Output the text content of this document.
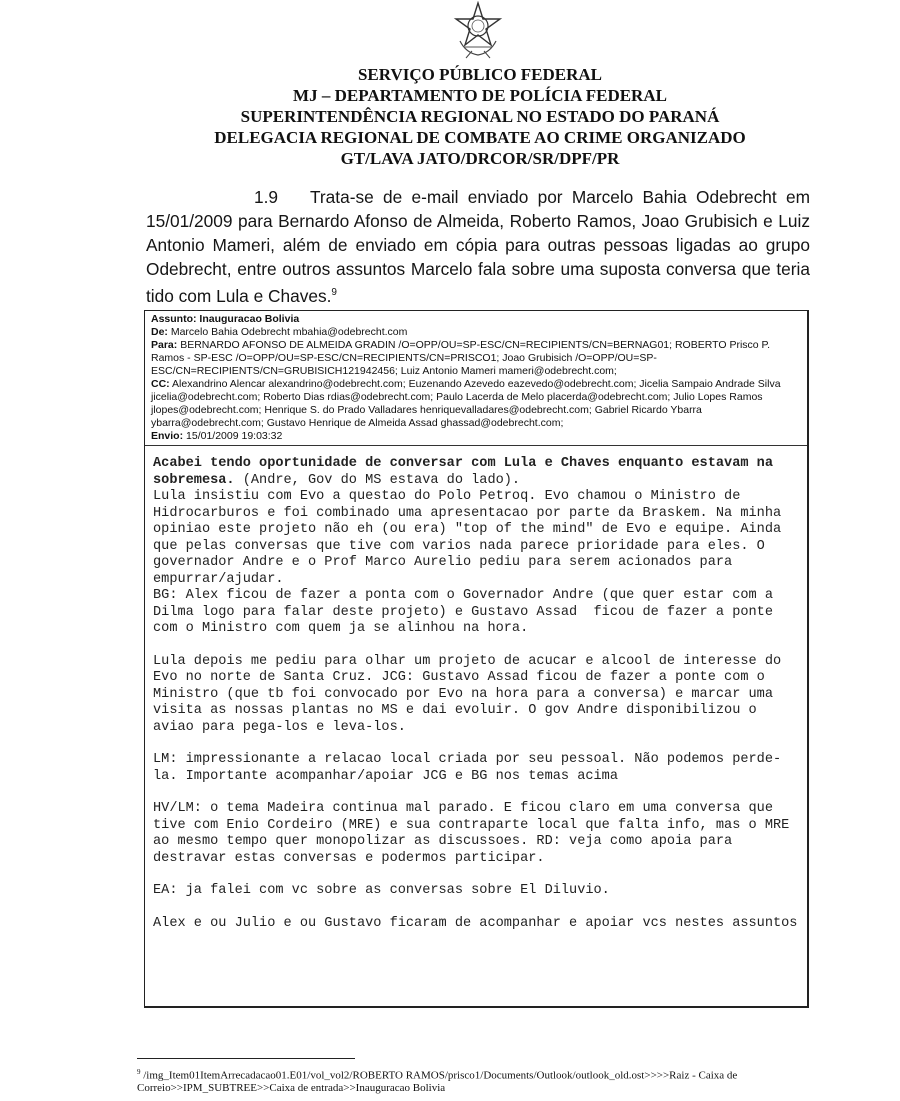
SERVIÇO PÚBLICO FEDERAL
MJ – DEPARTAMENTO DE POLÍCIA FEDERAL
SUPERINTENDÊNCIA REGIONAL NO ESTADO DO PARANÁ
DELEGACIA REGIONAL DE COMBATE AO CRIME ORGANIZADO
GT/LAVA JATO/DRCOR/SR/DPF/PR
1.9 Trata-se de e-mail enviado por Marcelo Bahia Odebrecht em 15/01/2009 para Bernardo Afonso de Almeida, Roberto Ramos, Joao Grubisich e Luiz Antonio Mameri, além de enviado em cópia para outras pessoas ligadas ao grupo Odebrecht, entre outros assuntos Marcelo fala sobre uma suposta conversa que teria tido com Lula e Chaves.$^9$
Assunto: Inauguracao Bolivia
De: Marcelo Bahia Odebrecht mbahia@odebrecht.com
Para: BERNARDO AFONSO DE ALMEIDA GRADIN /O=OPP/OU=SP-ESC/CN=RECIPIENTS/CN=BERNAG01; ROBERTO Prisco P. Ramos - SP-ESC /O=OPP/OU=SP-ESC/CN=RECIPIENTS/CN=PRISCO1; Joao Grubisich /O=OPP/OU=SP-ESC/CN=RECIPIENTS/CN=GRUBISICH121942456; Luiz Antonio Mameri mameri@odebrecht.com;
CC: Alexandrino Alencar alexandrino@odebrecht.com; Euzenando Azevedo eazevedo@odebrecht.com; Jicelia Sampaio Andrade Silva jicelia@odebrecht.com; Roberto Dias rdias@odebrecht.com; Paulo Lacerda de Melo placerda@odebrecht.com; Julio Lopes Ramos jlopes@odebrecht.com; Henrique S. do Prado Valladares henriquevalladares@odebrecht.com; Gabriel Ricardo Ybarra ybarra@odebrecht.com; Gustavo Henrique de Almeida Assad ghassad@odebrecht.com;
Envio: 15/01/2009 19:03:32

Acabei tendo oportunidade de conversar com Lula e Chaves enquanto estavam na sobremesa. (Andre, Gov do MS estava do lado).
Lula insistiu com Evo a questao do Polo Petroq. Evo chamou o Ministro de Hidrocarburos e foi combinado uma apresentacao por parte da Braskem. Na minha opiniao este projeto não eh (ou era) "top of the mind" de Evo e equipe. Ainda que pelas conversas que tive com varios nada parece prioridade para eles. O governador Andre e o Prof Marco Aurelio pediu para serem acionados para empurrar/ajudar.
BG: Alex ficou de fazer a ponta com o Governador Andre (que quer estar com a Dilma logo para falar deste projeto) e Gustavo Assad  ficou de fazer a ponte com o Ministro com quem ja se alinhou na hora.

Lula depois me pediu para olhar um projeto de acucar e alcool de interesse do Evo no norte de Santa Cruz. JCG: Gustavo Assad ficou de fazer a ponte com o Ministro (que tb foi convocado por Evo na hora para a conversa) e marcar uma visita as nossas plantas no MS e dai evoluir. O gov Andre disponibilizou o aviao para pega-los e leva-los.

LM: impressionante a relacao local criada por seu pessoal. Não podemos perde-la. Importante acompanhar/apoiar JCG e BG nos temas acima

HV/LM: o tema Madeira continua mal parado. E ficou claro em uma conversa que tive com Enio Cordeiro (MRE) e sua contraparte local que falta info, mas o MRE ao mesmo tempo quer monopolizar as discussoes. RD: veja como apoia para destravar estas conversas e podermos participar.

EA: ja falei com vc sobre as conversas sobre El Diluvio.

Alex e ou Julio e ou Gustavo ficaram de acompanhar e apoiar vcs nestes assuntos

$^9$ /img_Item01ItemArrecadacao01.E01/vol_vol2/ROBERTO RAMOS/prisco1/Documents/Outlook/outlook_old.ost>>>>Raiz - Caixa de Correio>>IPM_SUBTREE>>Caixa de entrada>>Inauguracao Bolivia
